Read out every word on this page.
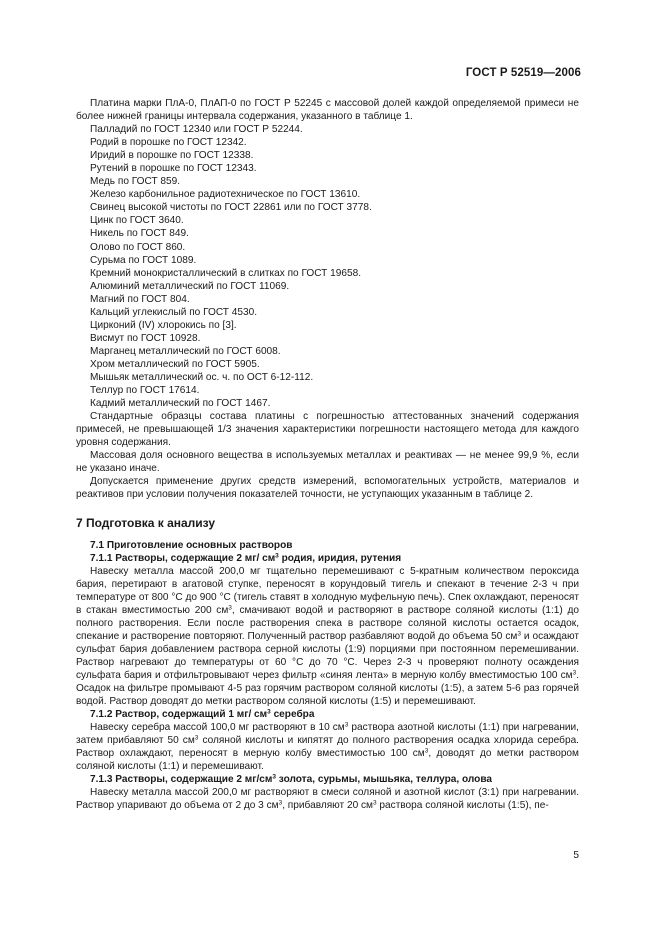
ГОСТ Р 52519—2006

Платина марки ПлА-0, ПлАП-0 по ГОСТ Р 52245 с массовой долей каждой определяемой примеси не более нижней границы интервала содержания, указанного в таблице 1.

Палладий по ГОСТ 12340 или ГОСТ Р 52244.

Родий в порошке по ГОСТ 12342.

Иридий в порошке по ГОСТ 12338.

Рутений в порошке по ГОСТ 12343.

Медь по ГОСТ 859.

Железо карбонильное радиотехническое по ГОСТ 13610.

Свинец высокой чистоты по ГОСТ 22861 или по ГОСТ 3778.

Цинк по ГОСТ 3640.

Никель по ГОСТ 849.

Олово по ГОСТ 860.

Сурьма по ГОСТ 1089.

Кремний монокристаллический в слитках по ГОСТ 19658.

Алюминий металлический по ГОСТ 11069.

Магний по ГОСТ 804.

Кальций углекислый по ГОСТ 4530.

Цирконий (IV) хлорокись по [3].

Висмут по ГОСТ 10928.

Марганец металлический по ГОСТ 6008.

Хром металлический по ГОСТ 5905.

Мышьяк металлический ос. ч. по ОСТ 6-12-112.

Теллур по ГОСТ 17614.

Кадмий металлический по ГОСТ 1467.

Стандартные образцы состава платины с погрешностью аттестованных значений содержания примесей, не превышающей 1/3 значения характеристики погрешности настоящего метода для каждого уровня содержания.

Массовая доля основного вещества в используемых металлах и реактивах — не менее 99,9 %, если не указано иначе.

Допускается применение других средств измерений, вспомогательных устройств, материалов и реактивов при условии получения показателей точности, не уступающих указанным в таблице 2.

7 Подготовка к анализу

7.1 Приготовление основных растворов

7.1.1 Растворы, содержащие 2 мг/ $см^3$ родия, иридия, рутения

Навеску металла массой 200,0 мг тщательно перемешивают с 5-кратным количеством пероксида бария, перетирают в агатовой ступке, переносят в корундовый тигель и спекают в течение 2-3 ч при температуре от 800 °С до 900 °С (тигель ставят в холодную муфельную печь). Спек охлаждают, переносят в стакан вместимостью 200 $см^3$, смачивают водой и растворяют в растворе соляной кислоты (1:1) до полного растворения. Если после растворения спека в растворе соляной кислоты остается осадок, спекание и растворение повторяют. Полученный раствор разбавляют водой до объема 50 $см^3$ и осаждают сульфат бария добавлением раствора серной кислоты (1:9) порциями при постоянном перемешивании. Раствор нагревают до температуры от 60 °С до 70 °С. Через 2-3 ч проверяют полноту осаждения сульфата бария и отфильтровывают через фильтр «синяя лента» в мерную колбу вместимостью 100 $см^3$. Осадок на фильтре промывают 4-5 раз горячим раствором соляной кислоты (1:5), а затем 5-6 раз горячей водой. Раствор доводят до метки раствором соляной кислоты (1:5) и перемешивают.

7.1.2 Раствор, содержащий 1 мг/ $см^3$ серебра

Навеску серебра массой 100,0 мг растворяют в 10 $см^3$ раствора азотной кислоты (1:1) при нагревании, затем прибавляют 50 $см^3$ соляной кислоты и кипятят до полного растворения осадка хлорида серебра. Раствор охлаждают, переносят в мерную колбу вместимостью 100 $см^3$, доводят до метки раствором соляной кислоты (1:1) и перемешивают.

7.1.3 Растворы, содержащие 2 $мг/см^3$ золота, сурьмы, мышьяка, теллура, олова

Навеску металла массой 200,0 мг растворяют в смеси соляной и азотной кислот (3:1) при нагревании. Раствор упаривают до объема от 2 до 3 $см^3$, прибавляют 20 $см^3$ раствора соляной кислоты (1:5), пе-

5
